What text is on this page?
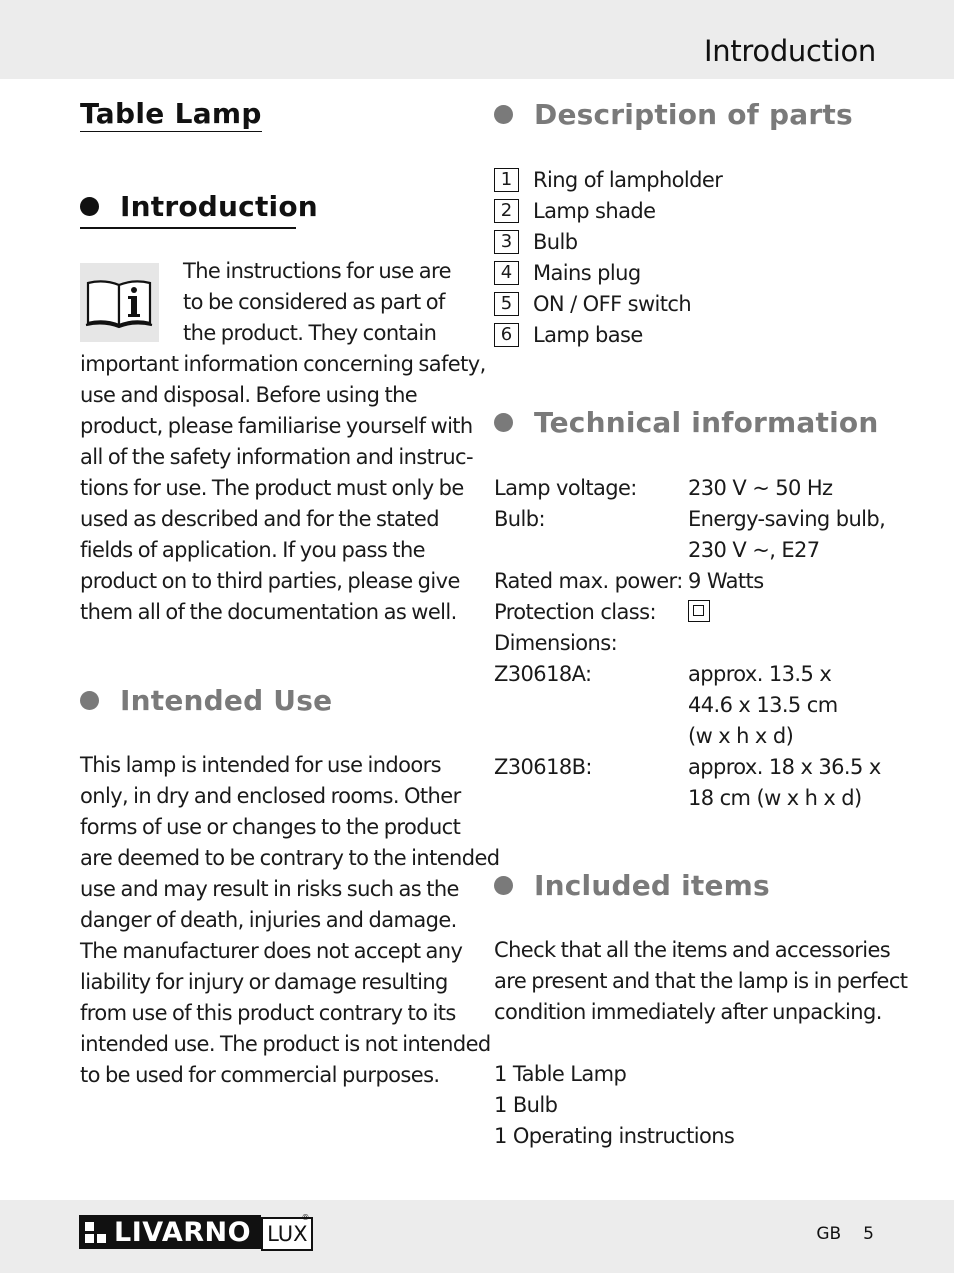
Introduction
Table Lamp
Introduction
The instructions for use are
to be considered as part of
the product. They contain
important information concerning safety,
use and disposal. Before using the
product, please familiarise yourself with
all of the safety information and instruc-
tions for use. The product must only be
used as described and for the stated
fields of application. If you pass the
product on to third parties, please give
them all of the documentation as well.
Intended Use
This lamp is intended for use indoors
only, in dry and enclosed rooms. Other
forms of use or changes to the product
are deemed to be contrary to the intended
use and may result in risks such as the
danger of death, injuries and damage.
The manufacturer does not accept any
liability for injury or damage resulting
from use of this product contrary to its
intended use. The product is not intended
to be used for commercial purposes.
Description of parts
1 Ring of lampholder
2 Lamp shade
3 Bulb
4 Mains plug
5 ON / OFF switch
6 Lamp base
Technical information
Lamp voltage:	230 V ~ 50 Hz
Bulb:	Energy-saving bulb,
230 V ~, E27
Rated max. power: 9 Watts
Protection class:
Dimensions:
Z30618A:	approx. 13.5 x
44.6 x 13.5 cm
(w x h x d)
Z30618B:	approx. 18 x 36.5 x
18 cm (w x h x d)
Included items
Check that all the items and accessories
are present and that the lamp is in perfect
condition immediately after unpacking.
1 Table Lamp
1 Bulb
1 Operating instructions
LIVARNO LUX
®
GB 5
